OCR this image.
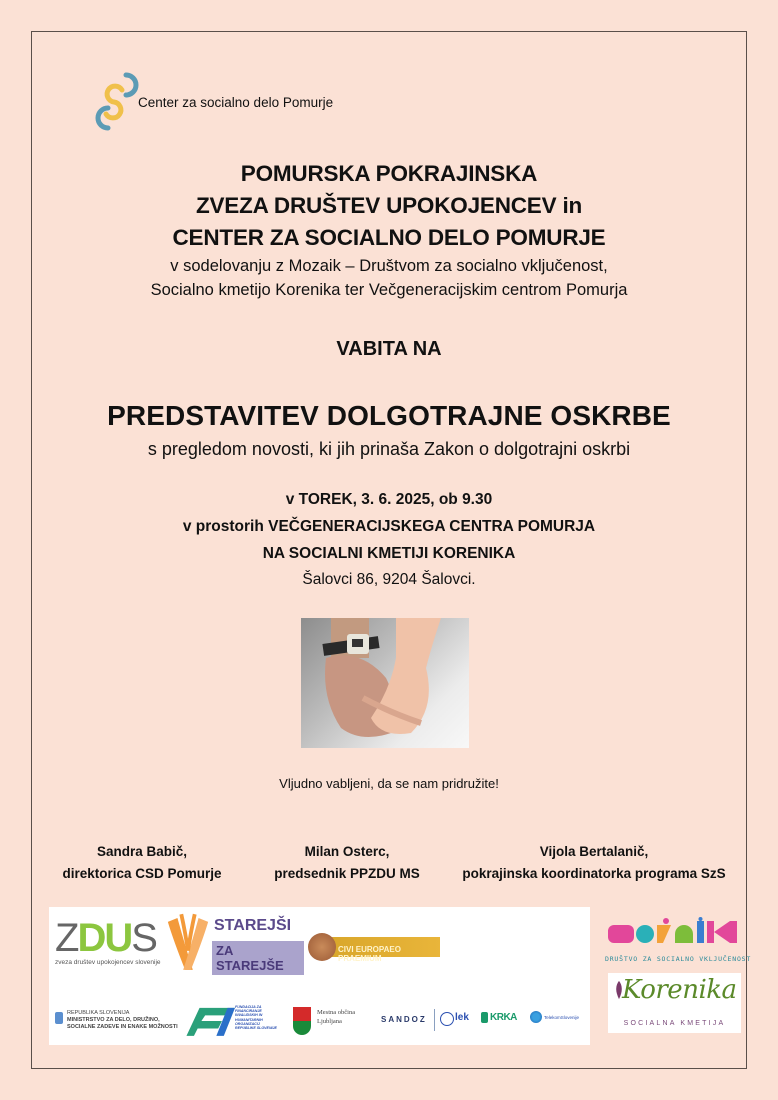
Center za socialno delo Pomurje
POMURSKA POKRAJINSKA
ZVEZA DRUŠTEV UPOKOJENCEV in
CENTER ZA SOCIALNO DELO POMURJE
v sodelovanju z Mozaik – Društvom za socialno vključenost,
Socialno kmetijo Korenika ter Večgeneracijskim centrom Pomurja
VABITA NA
PREDSTAVITEV DOLGOTRAJNE OSKRBE
s pregledom novosti, ki jih prinaša Zakon o dolgotrajni oskrbi
v TOREK, 3. 6. 2025, ob 9.30
v prostorih VEČGENERACIJSKEGA CENTRA POMURJA
NA SOCIALNI KMETIJI KORENIKA
Šalovci 86, 9204 Šalovci.
Vljudno vabljeni, da se nam pridružite!
Sandra Babič,
direktorica CSD Pomurje
Milan Osterc,
predsednik PPZDU MS
Vijola Bertalanič,
pokrajinska koordinatorka programa SzS
ZDUS
zveza društev upokojencev slovenije
STAREJŠI
ZA STAREJŠE
CIVI EUROPAEO PRAEMIUM
REPUBLIKA SLOVENIJA
MINISTRSTVO ZA DELO, DRUŽINO,
SOCIALNE ZADEVE IN ENAKE MOŽNOSTI
FUNDACIJA ZA FINANCIRANJE INVALIDSKIH IN HUMANITARNIH ORGANIZACIJ REPUBLIKE SLOVENIJE
Mestna občina
Ljubljana	SANDOZ	lek KRKA	TelekomSlovenije
DRUŠTVO ZA SOCIALNO VKLJUČENOST
Korenika
SOCIALNA KMETIJA
